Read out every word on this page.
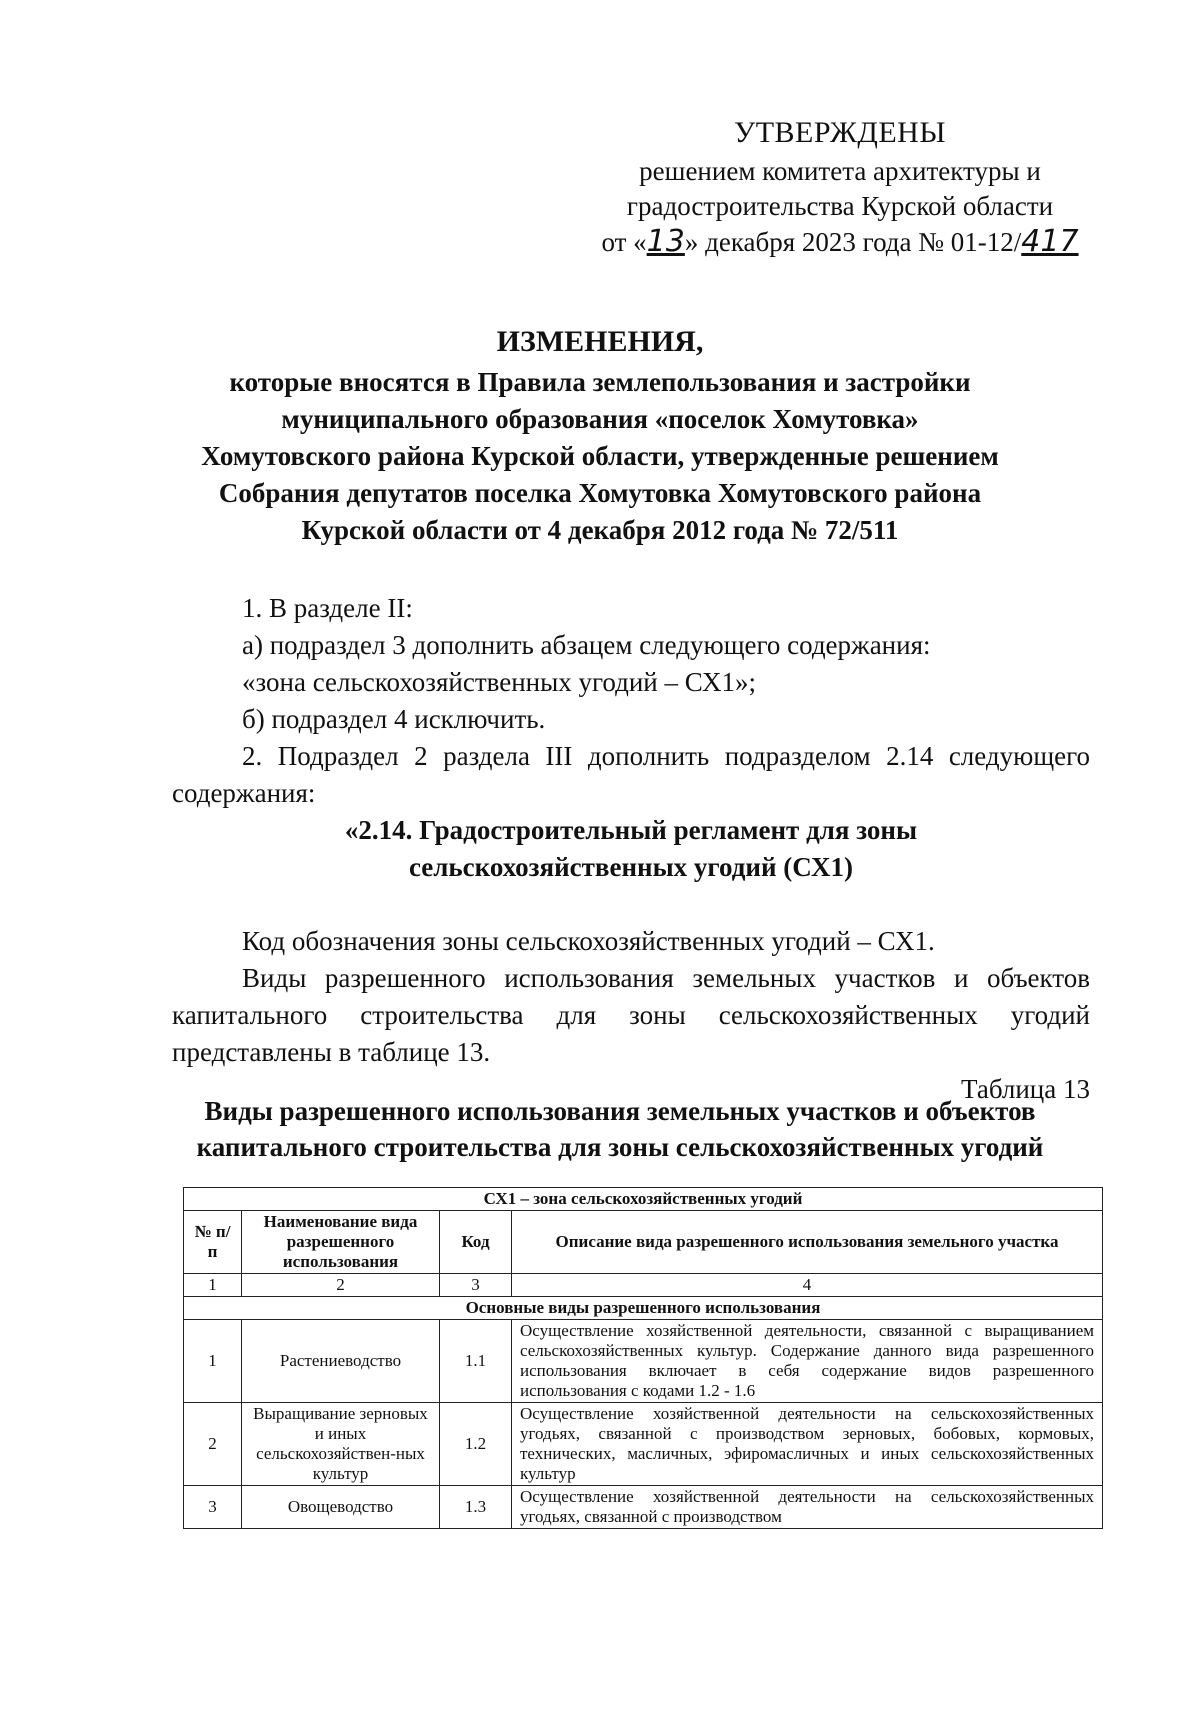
УТВЕРЖДЕНЫ
решением комитета архитектуры и
градостроительства Курской области
от «13» декабря 2023 года № 01-12/417
ИЗМЕНЕНИЯ,
которые вносятся в Правила землепользования и застройки
муниципального образования «поселок Хомутовка»
Хомутовского района Курской области, утвержденные решением
Собрания депутатов поселка Хомутовка Хомутовского района
Курской области от 4 декабря 2012 года № 72/511

1. В разделе II:

а) подраздел 3 дополнить абзацем следующего содержания:

«зона сельскохозяйственных угодий – СХ1»;

б) подраздел 4 исключить.

2. Подраздел 2 раздела III дополнить подразделом 2.14 следующего содержания:

«2.14. Градостроительный регламент для зоны

сельскохозяйственных угодий (СХ1)

Код обозначения зоны сельскохозяйственных угодий – СХ1.

Виды разрешенного использования земельных участков и объектов капитального строительства для зоны сельскохозяйственных угодий представлены в таблице 13.

Таблица 13

Виды разрешенного использования земельных участков и объектов
капитального строительства для зоны сельскохозяйственных угодий
СХ1 – зона сельскохозяйственных угодий			
№ п/п	Наименование вида разрешенного использования	Код	Описание вида разрешенного использования земельного участка
1	2	3	4
Основные виды разрешенного использования			
1	Растениеводство	1.1	Осуществление хозяйственной деятельности, связанной с выращиванием сельскохозяйственных культур. Содержание данного вида разрешенного использования включает в себя содержание видов разрешенного использования с кодами 1.2 - 1.6
2	Выращивание зерновых и иных сельскохозяйствен-ных культур	1.2	Осуществление хозяйственной деятельности на сельскохозяйственных угодьях, связанной с производством зерновых, бобовых, кормовых, технических, масличных, эфиромасличных и иных сельскохозяйственных культур
3	Овощеводство	1.3	Осуществление хозяйственной деятельности на сельскохозяйственных угодьях, связанной с производством
